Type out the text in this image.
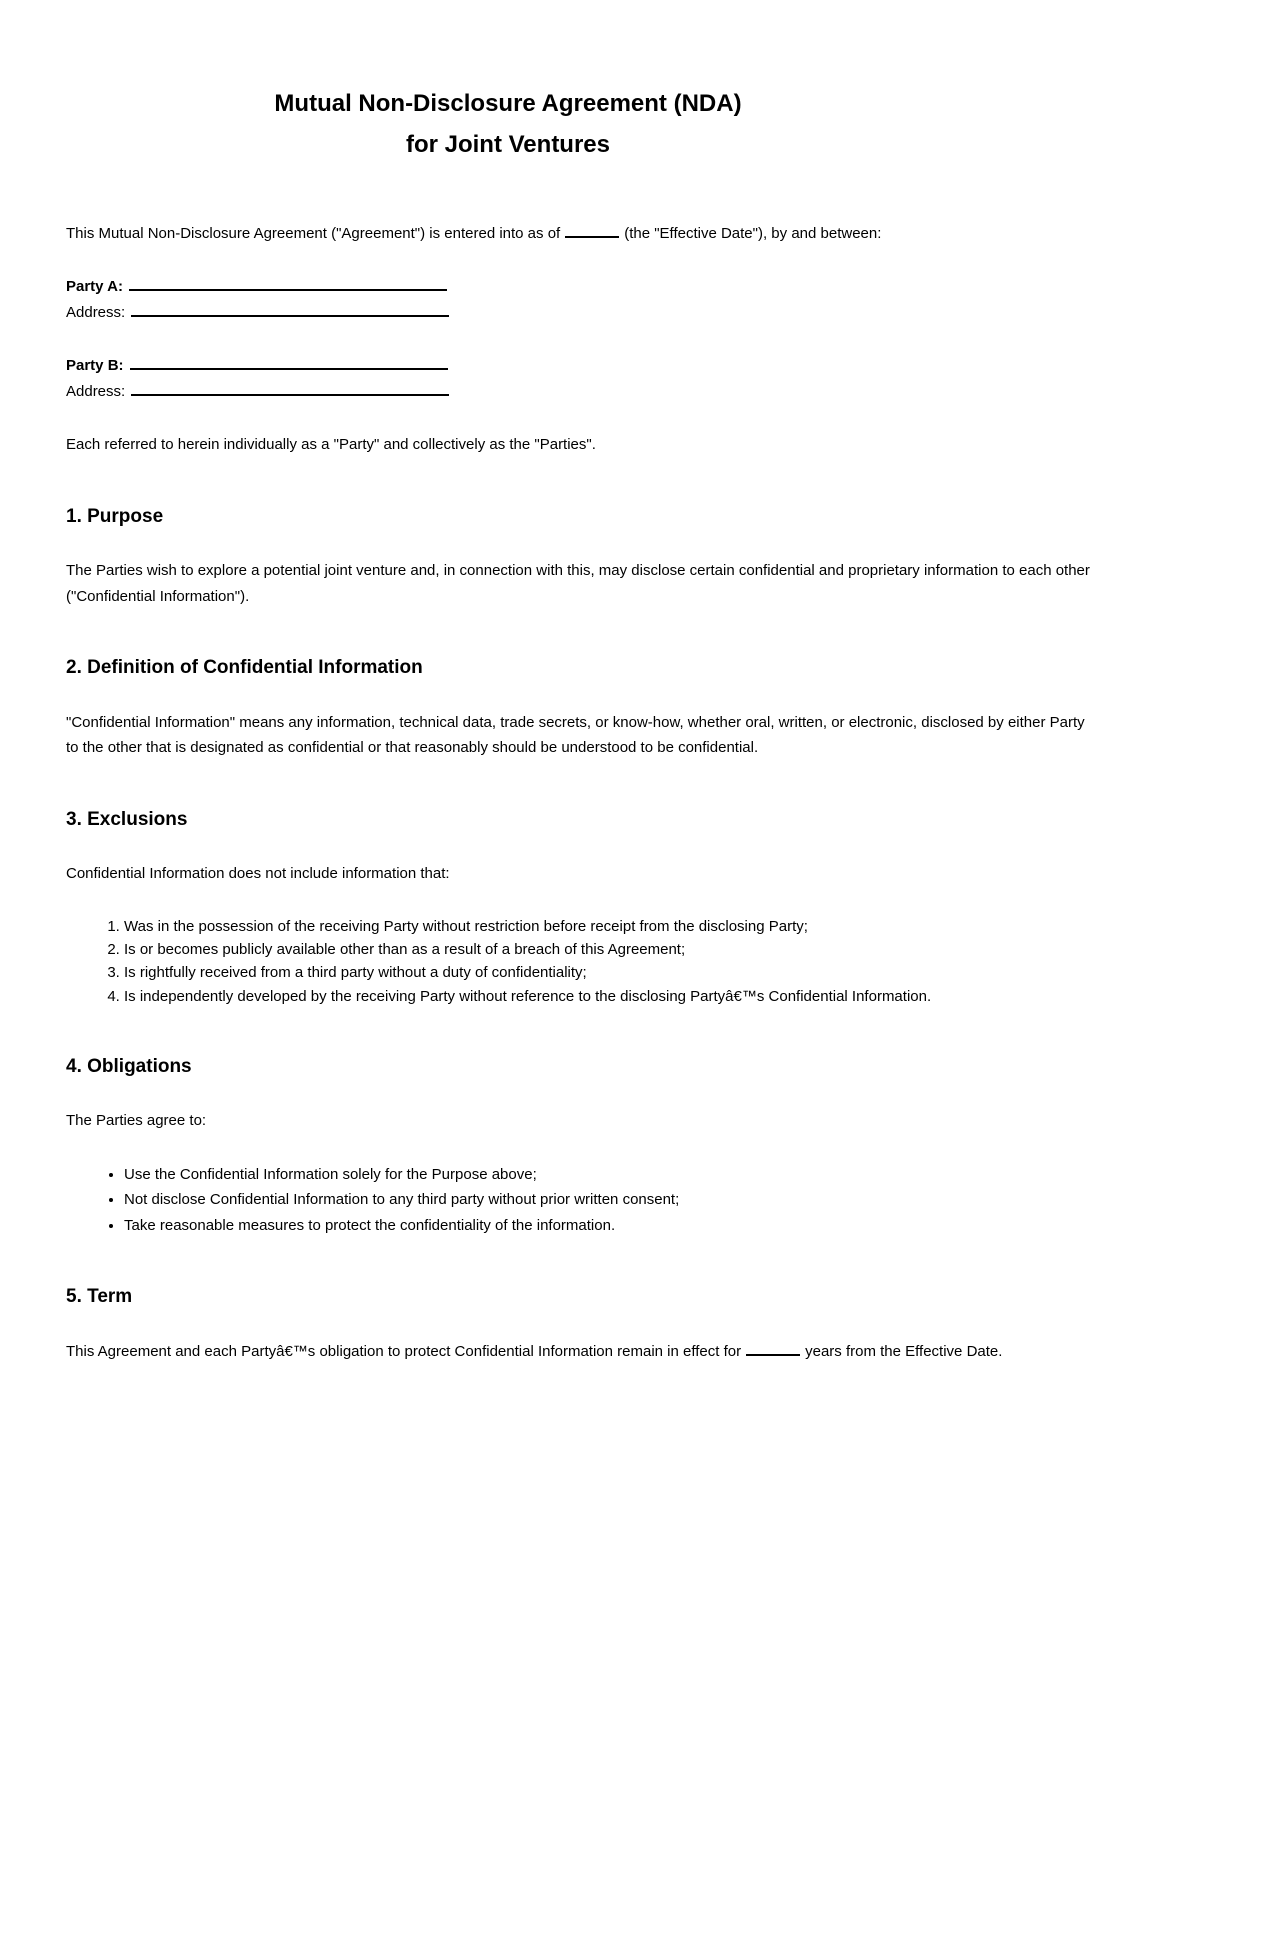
Mutual Non-Disclosure Agreement (NDA)
for Joint Ventures

This Mutual Non-Disclosure Agreement ("Agreement") is entered into as of	(the "Effective Date"), by and between:

Party A:
Address:

Party B:
Address:

Each referred to herein individually as a "Party" and collectively as the "Parties".

1. Purpose

The Parties wish to explore a potential joint venture and, in connection with this, may disclose certain confidential and proprietary information to each other
("Confidential Information").

2. Definition of Confidential Information

"Confidential Information" means any information, technical data, trade secrets, or know-how, whether oral, written, or electronic, disclosed by either Party
to the other that is designated as confidential or that reasonably should be understood to be confidential.

3. Exclusions

Confidential Information does not include information that:

1. Was in the possession of the receiving Party without restriction before receipt from the disclosing Party;
2. Is or becomes publicly available other than as a result of a breach of this Agreement;
3. Is rightfully received from a third party without a duty of confidentiality;
4. Is independently developed by the receiving Party without reference to the disclosing Partyâ€™s Confidential Information.
4. Obligations

The Parties agree to:

• Use the Confidential Information solely for the Purpose above;
• Not disclose Confidential Information to any third party without prior written consent;
• Take reasonable measures to protect the confidentiality of the information.
5. Term

This Agreement and each Partyâ€™s obligation to protect Confidential Information remain in effect for	years from the Effective Date.
